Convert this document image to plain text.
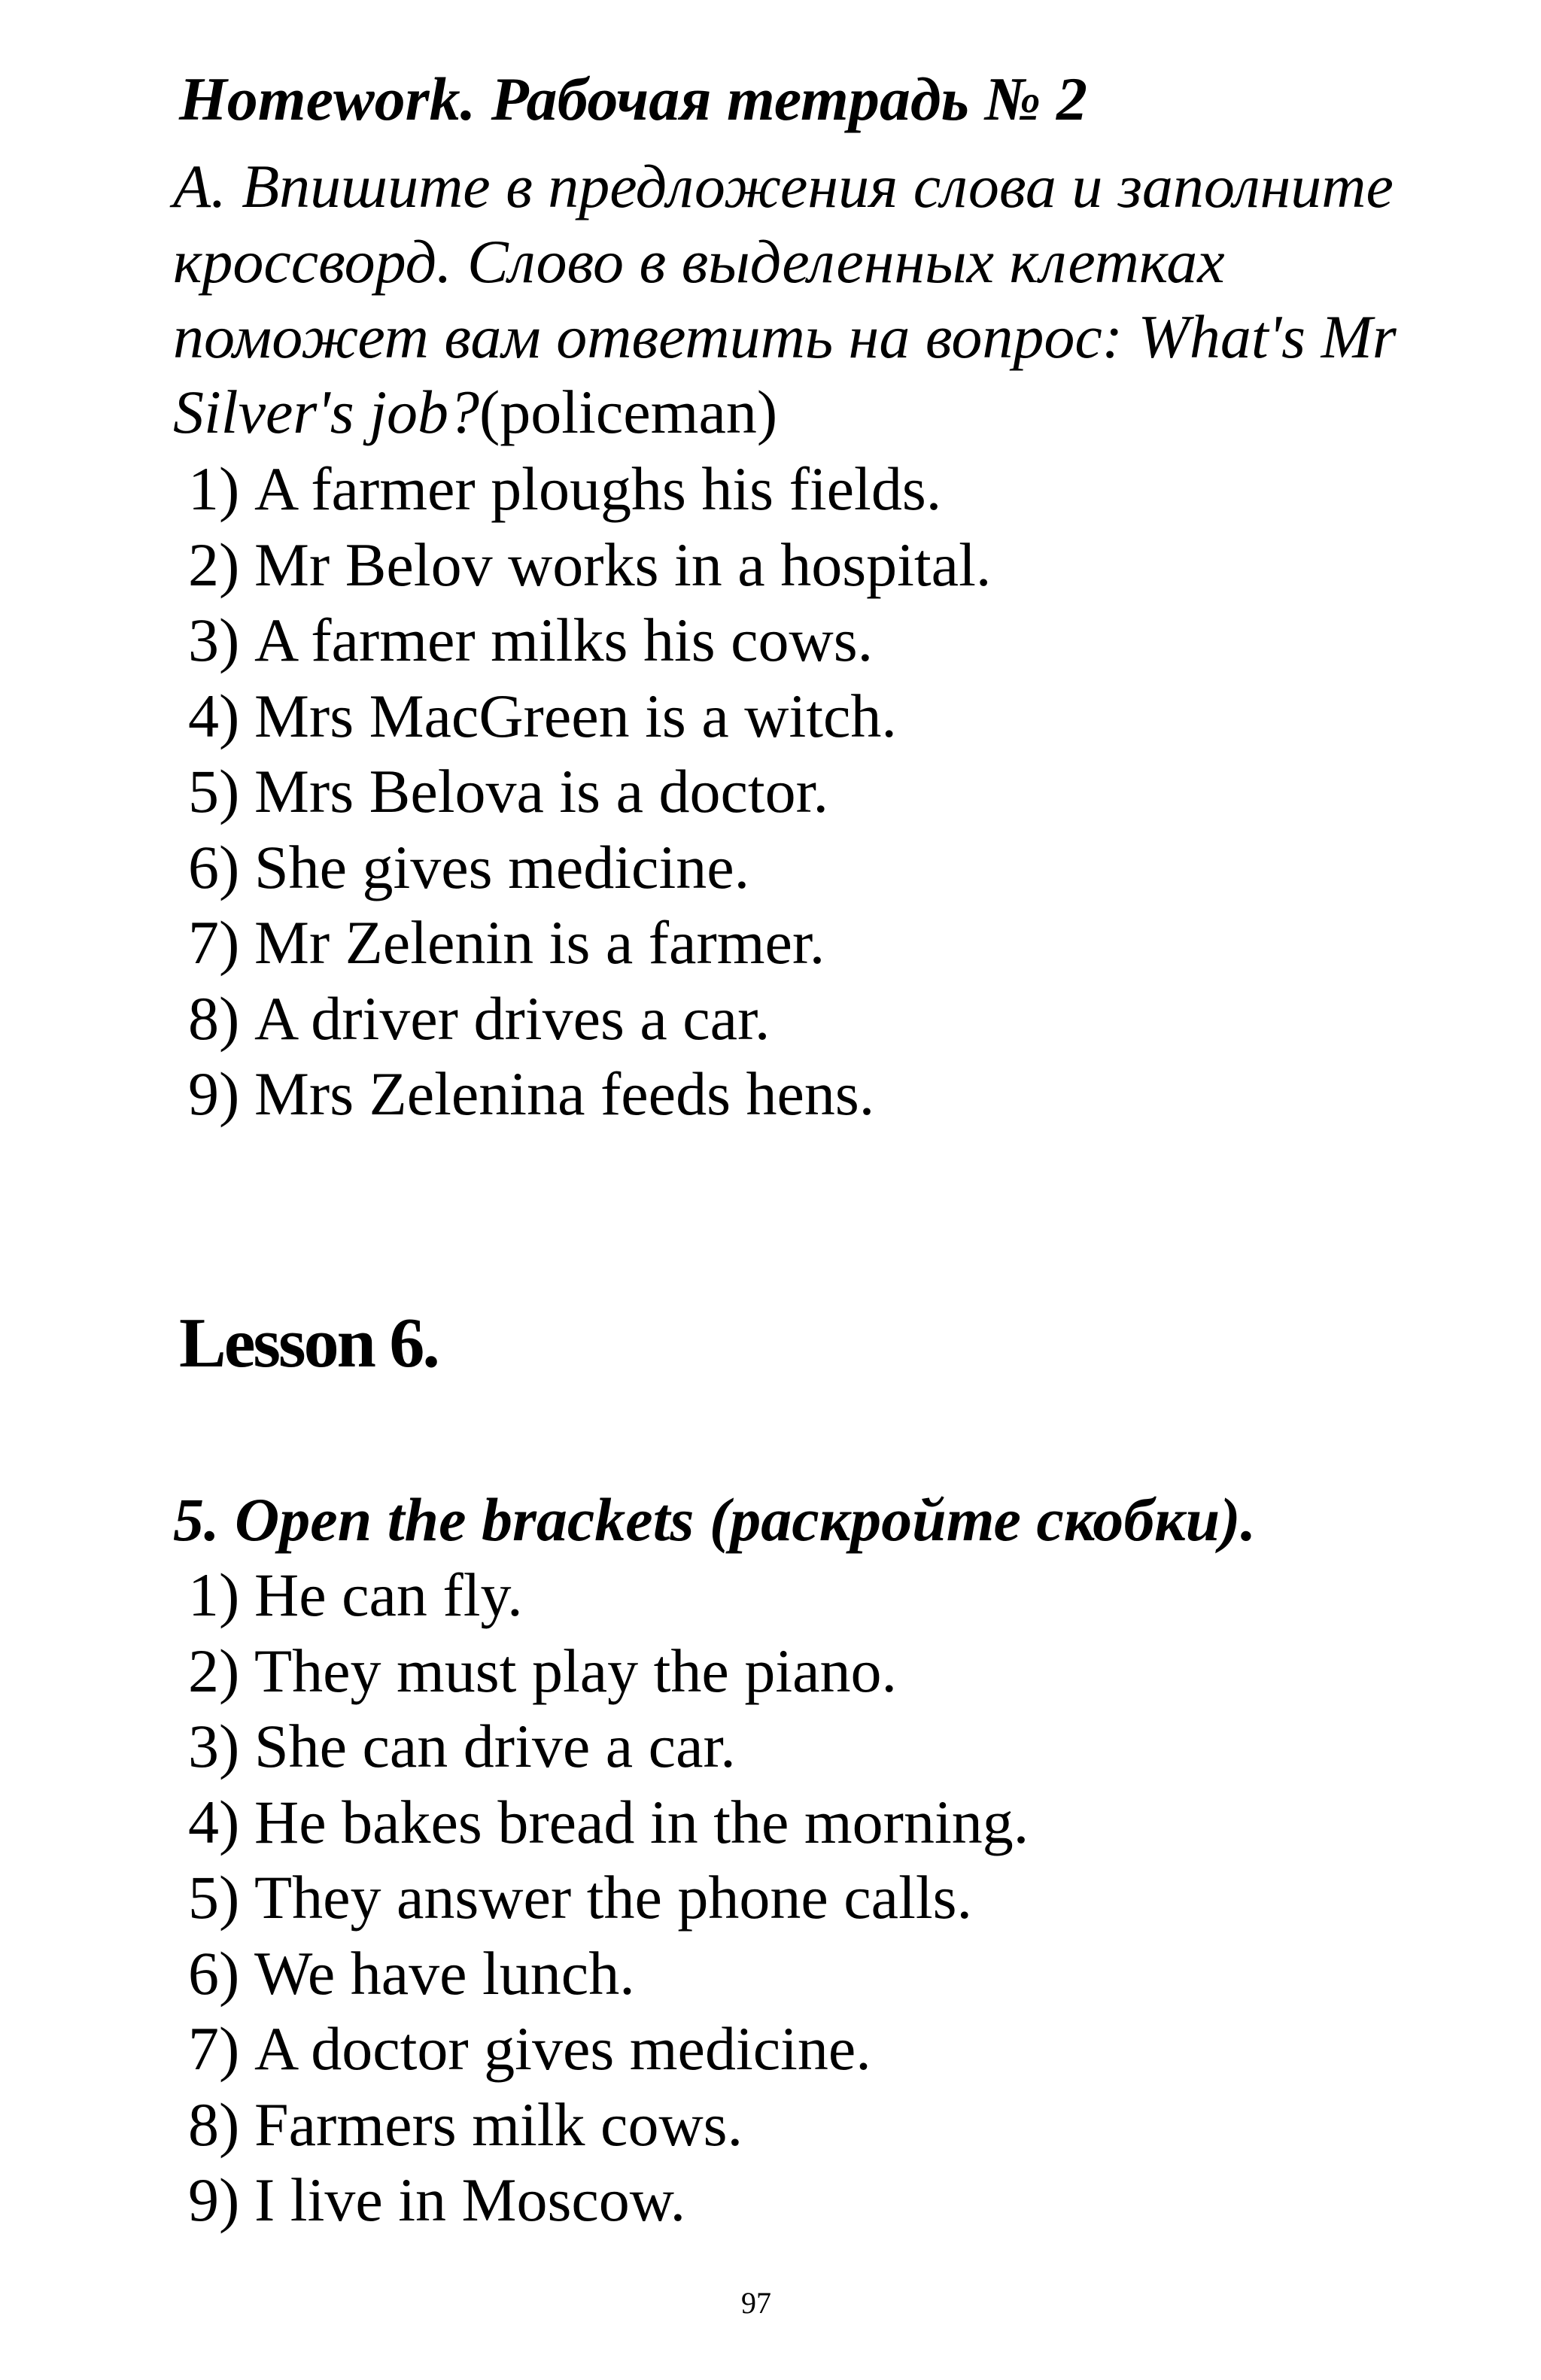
Homework. Рабочая тетрадь № 2
А. Впишите в предложения слова и заполните кроссворд. Слово в выделенных клетках поможет вам ответить на вопрос: What's Mr Silver's job?(policeman)
1) A farmer ploughs his fields.
2) Mr Belov works in a hospital.
3) A farmer milks his cows.
4) Mrs MacGreen is a witch.
5) Mrs Belova is a doctor.
6) She gives medicine.
7) Mr Zelenin is a farmer.
8) A driver drives a car.
9) Mrs Zelenina feeds hens.
Lesson 6.
5. Open the brackets (раскройте скобки).
1) He can fly.
2) They must play the piano.
3) She can drive a car.
4) He bakes bread in the morning.
5) They answer the phone calls.
6) We have lunch.
7) A doctor gives medicine.
8) Farmers milk cows.
9) I live in Moscow.
97
